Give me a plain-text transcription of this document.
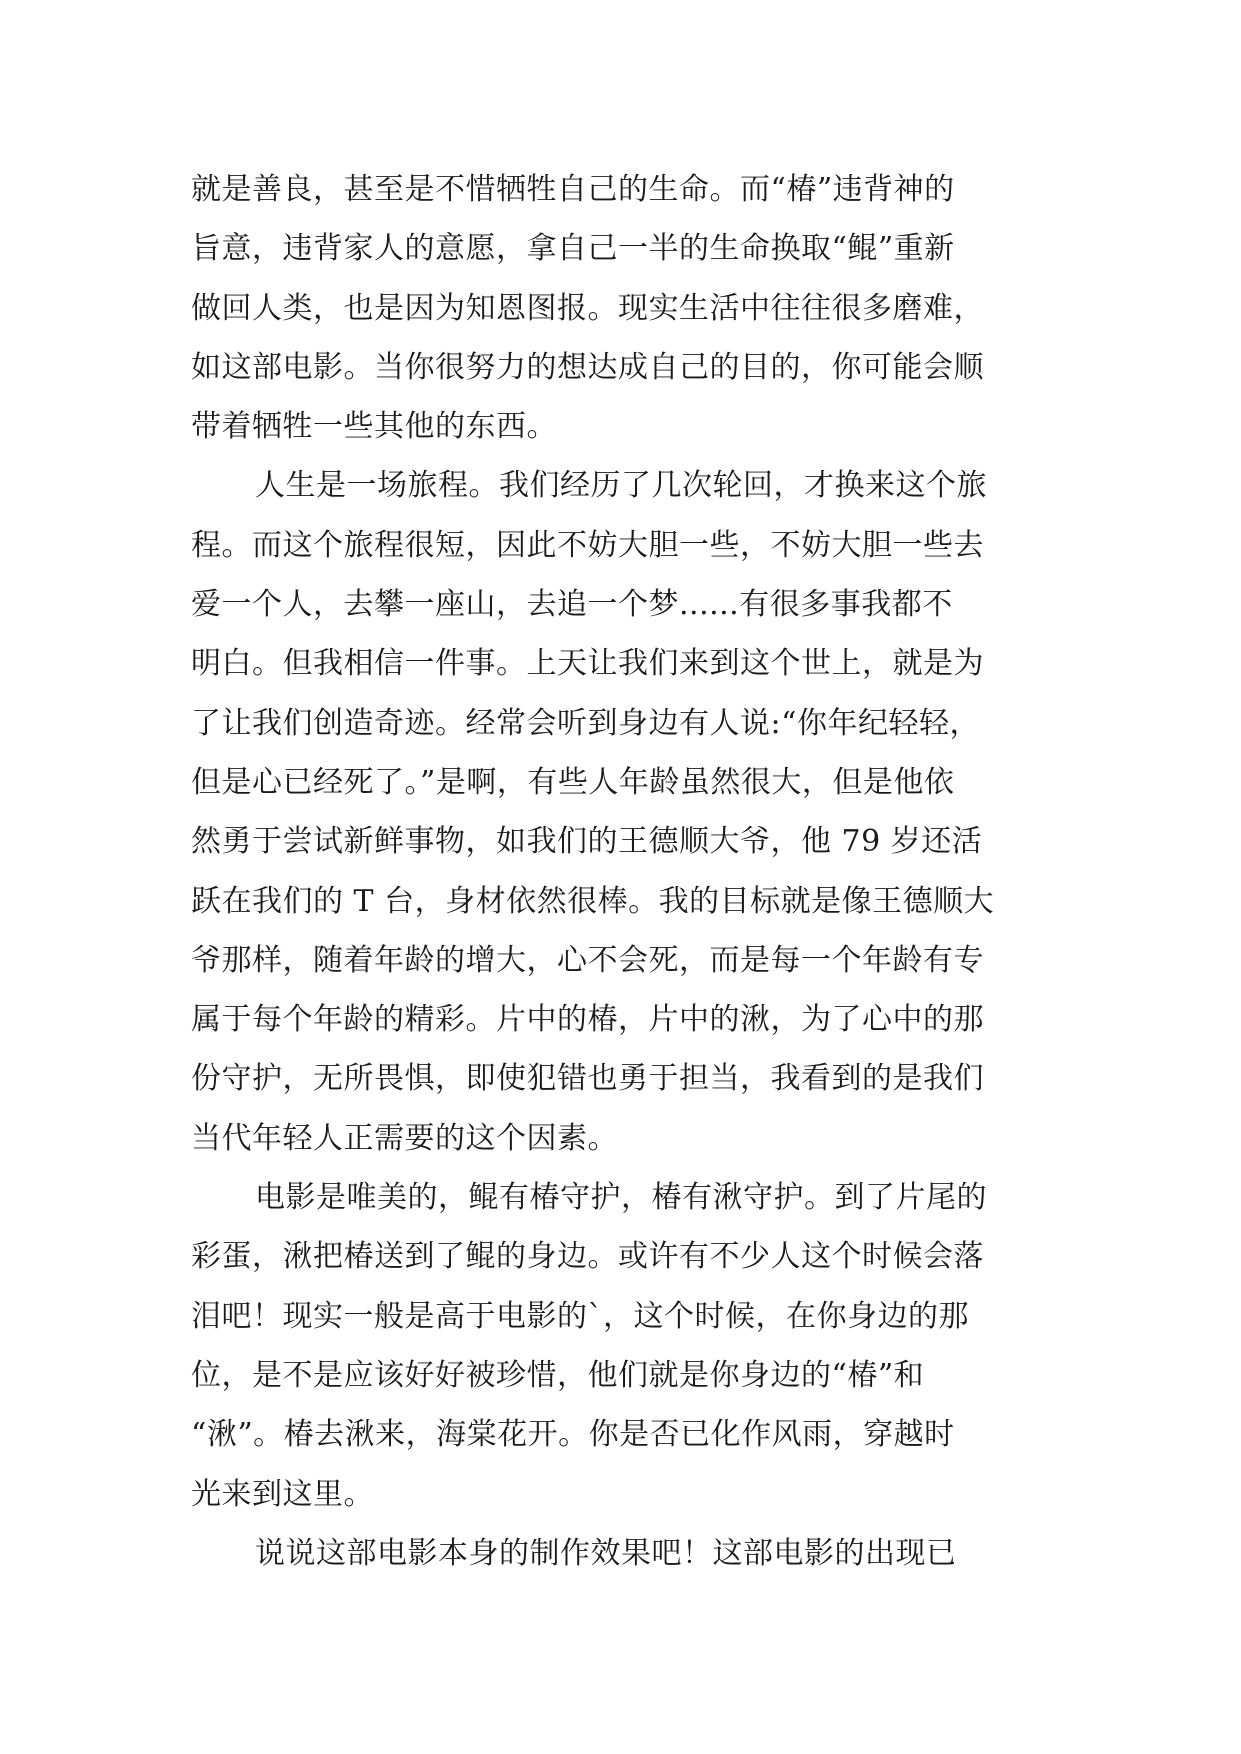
就是善良，甚至是不惜牺牲自己的生命。而“椿”违背神的
旨意，违背家人的意愿，拿自己一半的生命换取“鲲”重新
做回人类，也是因为知恩图报。现实生活中往往很多磨难，
如这部电影。当你很努力的想达成自己的目的，你可能会顺
带着牺牲一些其他的东西。
人生是一场旅程。我们经历了几次轮回，才换来这个旅
程。而这个旅程很短，因此不妨大胆一些，不妨大胆一些去
爱一个人，去攀一座山，去追一个梦......有很多事我都不
明白。但我相信一件事。上天让我们来到这个世上，就是为
了让我们创造奇迹。经常会听到身边有人说:“你年纪轻轻，
但是心已经死了。”是啊，有些人年龄虽然很大，但是他依
然勇于尝试新鲜事物，如我们的王德顺大爷，他 79 岁还活
跃在我们的 T 台，身材依然很棒。我的目标就是像王德顺大
爷那样，随着年龄的增大，心不会死，而是每一个年龄有专
属于每个年龄的精彩。片中的椿，片中的湫，为了心中的那
份守护，无所畏惧，即使犯错也勇于担当，我看到的是我们
当代年轻人正需要的这个因素。
电影是唯美的，鲲有椿守护，椿有湫守护。到了片尾的
彩蛋，湫把椿送到了鲲的身边。或许有不少人这个时候会落
泪吧！现实一般是高于电影的`，这个时候，在你身边的那
位，是不是应该好好被珍惜，他们就是你身边的“椿”和
“湫”。椿去湫来，海棠花开。你是否已化作风雨，穿越时
光来到这里。
说说这部电影本身的制作效果吧！这部电影的出现已
